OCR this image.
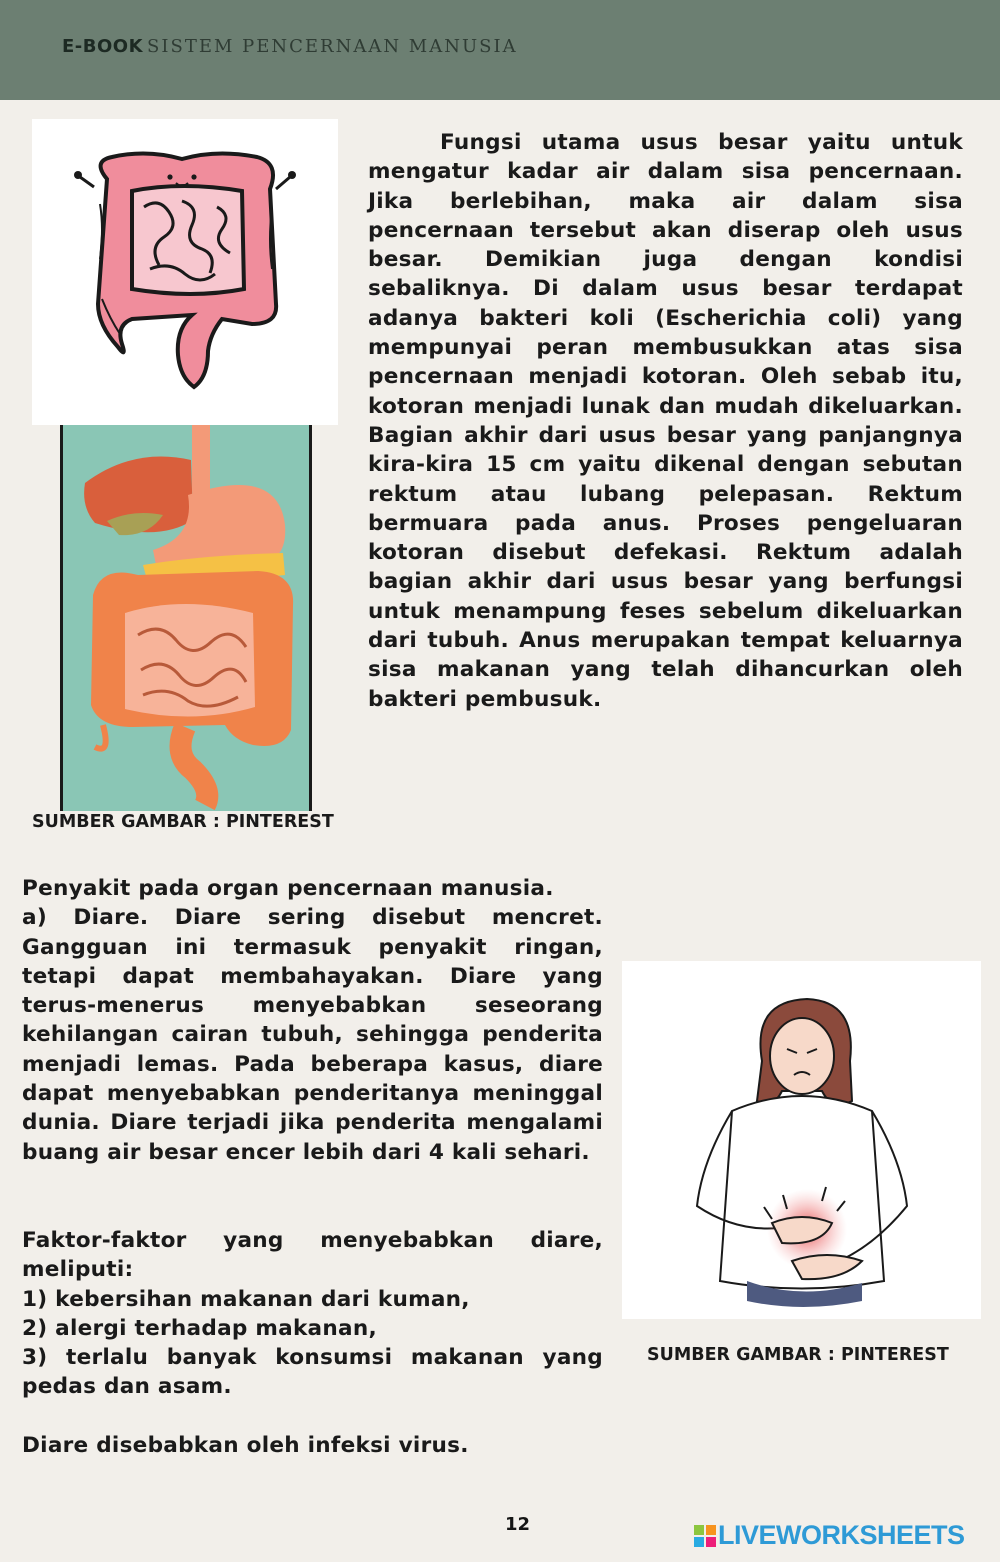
E-BOOK SISTEM PENCERNAAN MANUSIA

Fungsi utama usus besar yaitu untuk mengatur kadar air dalam sisa pencernaan. Jika berlebihan, maka air dalam sisa pencernaan tersebut akan diserap oleh usus besar. Demikian juga dengan kondisi sebaliknya. Di dalam usus besar terdapat adanya bakteri koli (Escherichia coli) yang mempunyai peran membusukkan atas sisa pencernaan menjadi kotoran. Oleh sebab itu, kotoran menjadi lunak dan mudah dikeluarkan. Bagian akhir dari usus besar yang panjangnya kira-kira 15 cm yaitu dikenal dengan sebutan rektum atau lubang pelepasan. Rektum bermuara pada anus. Proses pengeluaran kotoran disebut defekasi. Rektum adalah bagian akhir dari usus besar yang berfungsi untuk menampung feses sebelum dikeluarkan dari tubuh. Anus merupakan tempat keluarnya sisa makanan yang telah dihancurkan oleh bakteri pembusuk.

SUMBER GAMBAR : PINTEREST

Penyakit pada organ pencernaan manusia.
a) Diare. Diare sering disebut mencret. Gangguan ini termasuk penyakit ringan, tetapi dapat membahayakan. Diare yang terus-menerus menyebabkan seseorang kehilangan cairan tubuh, sehingga penderita menjadi lemas. Pada beberapa kasus, diare dapat menyebabkan penderitanya meninggal dunia. Diare terjadi jika penderita mengalami buang air besar encer lebih dari 4 kali sehari.

Faktor-faktor yang menyebabkan diare, meliputi:
1) kebersihan makanan dari kuman,
2) alergi terhadap makanan,
3) terlalu banyak konsumsi makanan yang pedas dan asam.

Diare disebabkan oleh infeksi virus.

SUMBER GAMBAR : PINTEREST
12	LIVEWORKSHEETS
